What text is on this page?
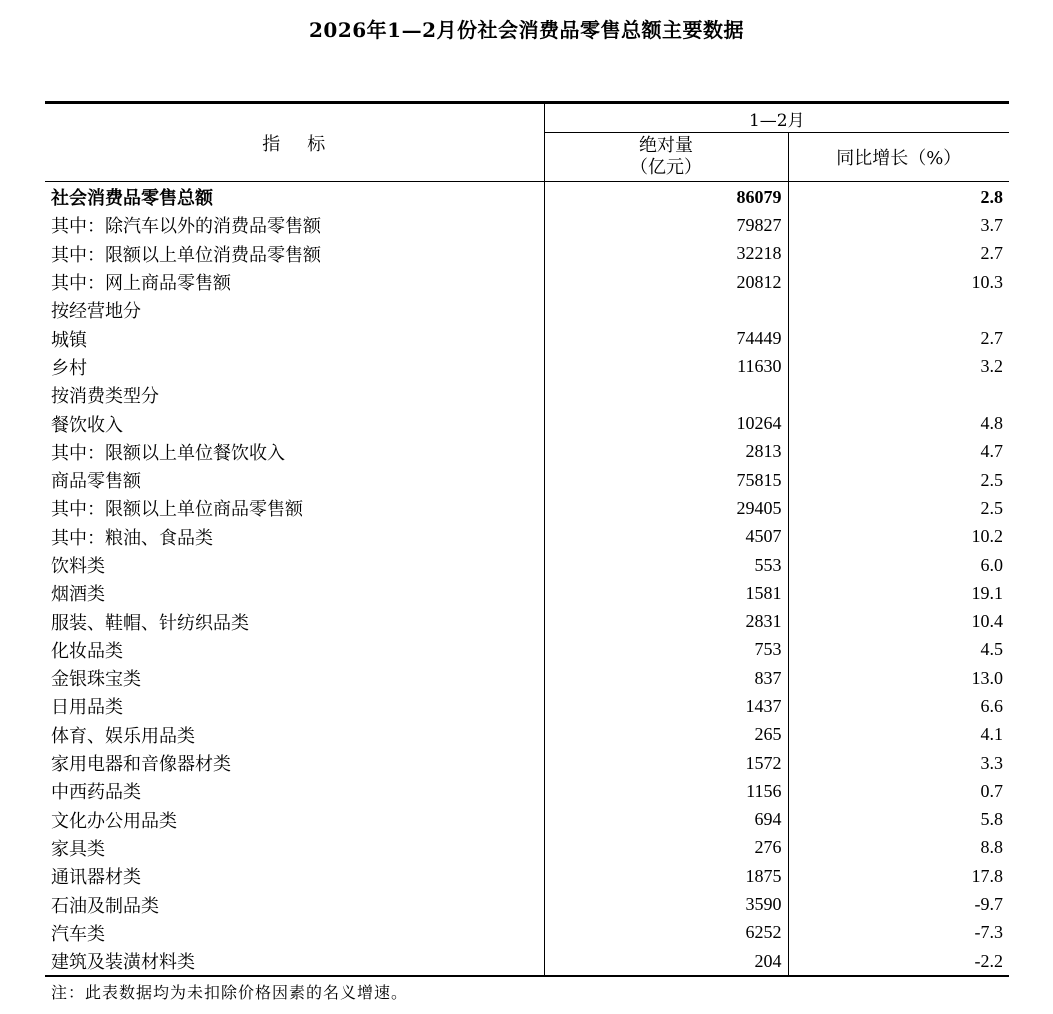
2026年1—2月份社会消费品零售总额主要数据
指 标	1—2月	

	绝对量
（亿元）	同比增长（%）
社会消费品零售总额	86079	2.8
其中：除汽车以外的消费品零售额	79827	3.7
其中：限额以上单位消费品零售额	32218	2.7
其中：网上商品零售额	20812	10.3
按经营地分		
城镇	74449	2.7
乡村	11630	3.2
按消费类型分		
餐饮收入	10264	4.8
其中：限额以上单位餐饮收入	2813	4.7
商品零售额	75815	2.5
其中：限额以上单位商品零售额	29405	2.5
其中：粮油、食品类	4507	10.2
饮料类	553	6.0
烟酒类	1581	19.1
服装、鞋帽、针纺织品类	2831	10.4
化妆品类	753	4.5
金银珠宝类	837	13.0
日用品类	1437	6.6
体育、娱乐用品类	265	4.1
家用电器和音像器材类	1572	3.3
中西药品类	1156	0.7
文化办公用品类	694	5.8
家具类	276	8.8
通讯器材类	1875	17.8
石油及制品类	3590	-9.7
汽车类	6252	-7.3
建筑及装潢材料类	204	-2.2
注：此表数据均为未扣除价格因素的名义增速。
